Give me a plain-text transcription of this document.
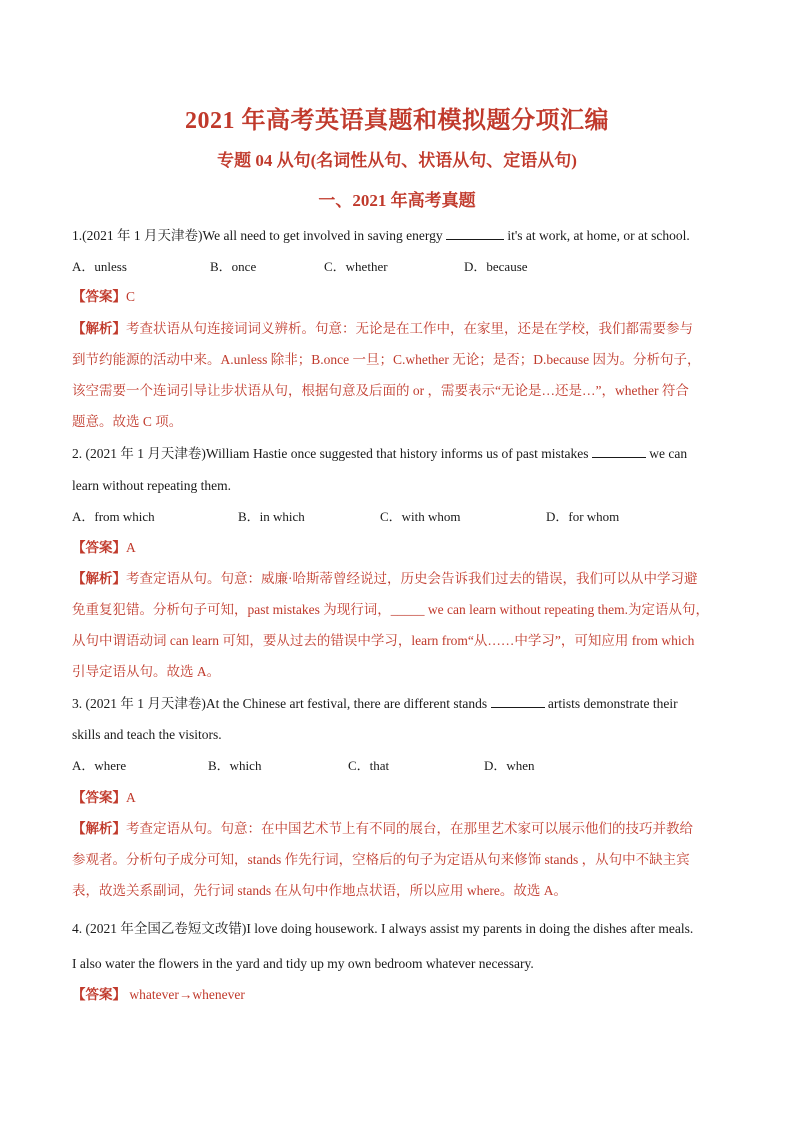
2021 年高考英语真题和模拟题分项汇编
专题 04 从句(名词性从句、状语从句、定语从句)
一、2021 年高考真题
1.(2021 年 1 月天津卷)We all need to get involved in saving energy	it's at work, at home, or at school.
A．unless	B．once	C．whether	D．because
【答案】C
【解析】考查状语从句连接词词义辨析。句意：无论是在工作中，在家里，还是在学校，我们都需要参与
到节约能源的活动中来。A.unless 除非；B.once 一旦；C.whether 无论；是否；D.because 因为。分析句子，
该空需要一个连词引导让步状语从句，根据句意及后面的 or ，需要表示“无论是…还是…”，whether 符合
题意。故选 C 项。
2. (2021 年 1 月天津卷)William Hastie once suggested that history informs us of past mistakes	we can
learn without repeating them.
A．from which	B．in which	C．with whom	D．for whom
【答案】A
【解析】考查定语从句。句意：威廉·哈斯蒂曾经说过，历史会告诉我们过去的错误，我们可以从中学习避
免重复犯错。分析句子可知，past mistakes 为现行词，_____ we can learn without repeating them.为定语从句，
从句中谓语动词 can learn 可知，要从过去的错误中学习，learn from“从……中学习”，可知应用 from which
引导定语从句。故选 A。
3. (2021 年 1 月天津卷)At the Chinese art festival, there are different stands	artists demonstrate their
skills and teach the visitors.
A．where	B．which	C．that	D．when
【答案】A
【解析】考查定语从句。句意：在中国艺术节上有不同的展台，在那里艺术家可以展示他们的技巧并教给
参观者。分析句子成分可知，stands 作先行词，空格后的句子为定语从句来修饰 stands ，从句中不缺主宾
表，故选关系副词，先行词 stands 在从句中作地点状语，所以应用 where。故选 A。
4. (2021 年全国乙卷短文改错)I love doing housework. I always assist my parents in doing the dishes after meals.
I also water the flowers in the yard and tidy up my own bedroom whatever necessary.
【答案】 whatever→whenever
